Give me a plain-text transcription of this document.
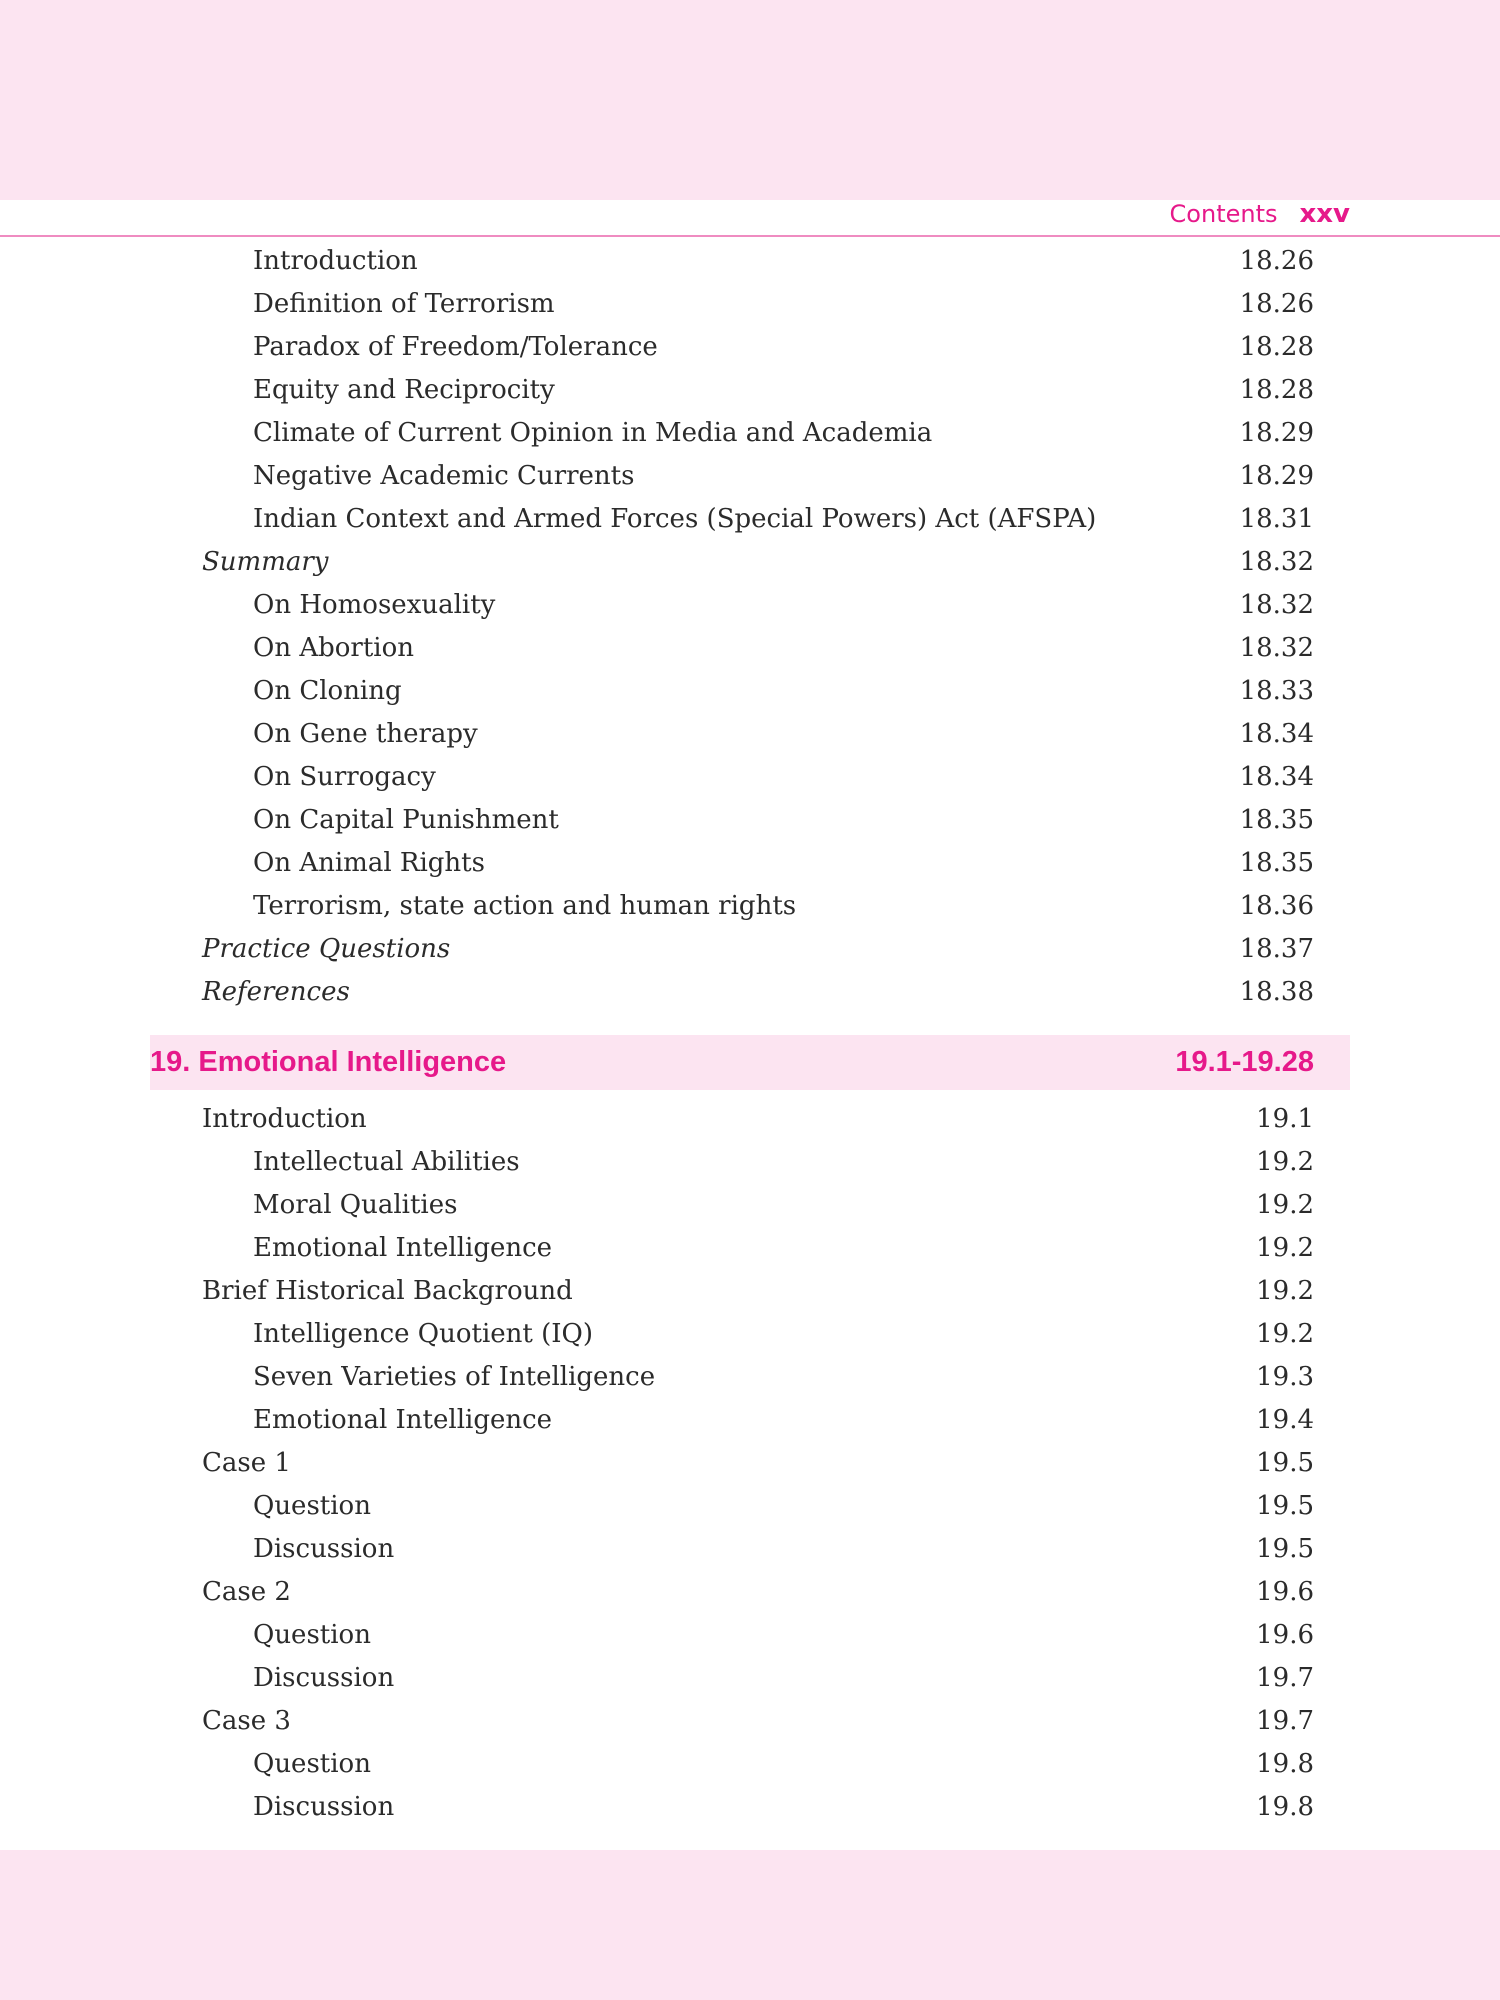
Contents xxv
Introduction	18.26
Definition of Terrorism	18.26
Paradox of Freedom/Tolerance	18.28
Equity and Reciprocity	18.28
Climate of Current Opinion in Media and Academia	18.29
Negative Academic Currents	18.29
Indian Context and Armed Forces (Special Powers) Act (AFSPA)	18.31
Summary	18.32
On Homosexuality	18.32
On Abortion	18.32
On Cloning	18.33
On Gene therapy	18.34
On Surrogacy	18.34
On Capital Punishment	18.35
On Animal Rights	18.35
Terrorism, state action and human rights	18.36
Practice Questions	18.37
References	18.38
19. Emotional Intelligence	19.1-19.28
Introduction	19.1
Intellectual Abilities	19.2
Moral Qualities	19.2
Emotional Intelligence	19.2
Brief Historical Background	19.2
Intelligence Quotient (IQ)	19.2
Seven Varieties of Intelligence	19.3
Emotional Intelligence	19.4
Case 1	19.5
Question	19.5
Discussion	19.5
Case 2	19.6
Question	19.6
Discussion	19.7
Case 3	19.7
Question	19.8
Discussion	19.8
